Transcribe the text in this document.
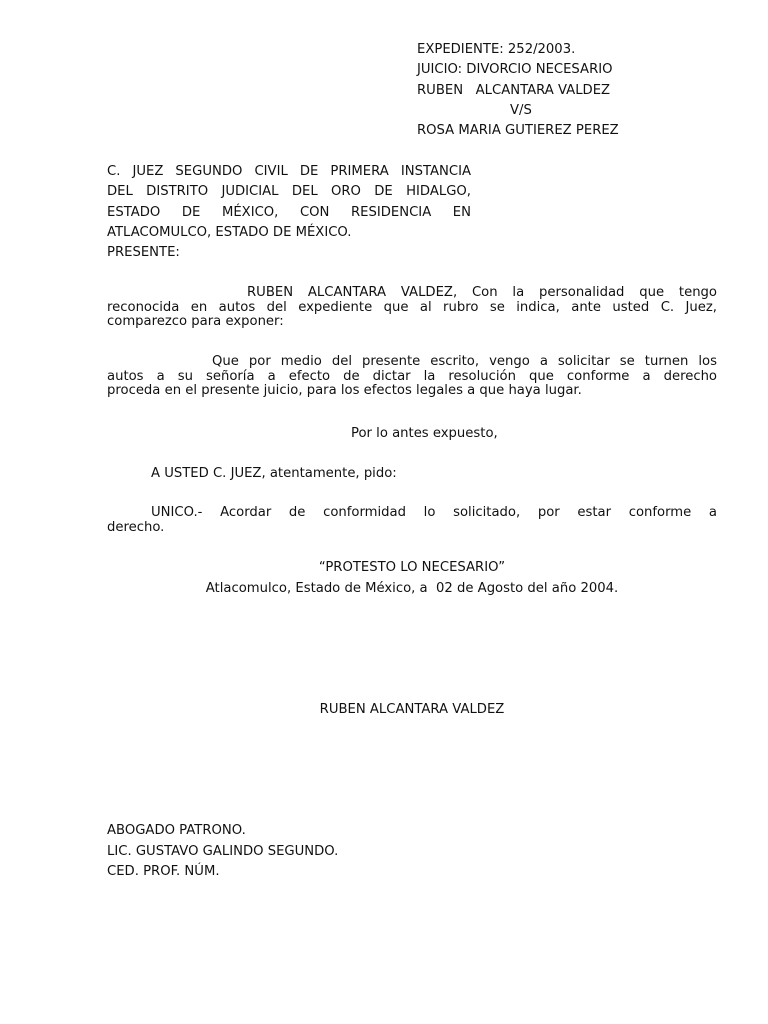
EXPEDIENTE: 252/2003.
JUICIO: DIVORCIO NECESARIO
RUBEN   ALCANTARA VALDEZ
V/S
ROSA MARIA GUTIEREZ PEREZ
C. JUEZ SEGUNDO CIVIL DE PRIMERA INSTANCIA
DEL DISTRITO JUDICIAL DEL ORO DE HIDALGO,
ESTADO DE MÉXICO, CON RESIDENCIA EN
ATLACOMULCO, ESTADO DE MÉXICO.
PRESENTE:
RUBEN ALCANTARA VALDEZ, Con la personalidad que tengo
reconocida en autos del expediente que al rubro se indica, ante usted C. Juez,
comparezco para exponer:
Que por medio del presente escrito, vengo a solicitar se turnen los
autos a su señoría a efecto de dictar la resolución que conforme a derecho
proceda en el presente juicio, para los efectos legales a que haya lugar.
Por lo antes expuesto,
A USTED C. JUEZ, atentamente, pido:
UNICO.- Acordar de conformidad lo solicitado, por estar conforme a
derecho.
“PROTESTO LO NECESARIO”
Atlacomulco, Estado de México, a  02 de Agosto del año 2004.
RUBEN ALCANTARA VALDEZ
ABOGADO PATRONO.
LIC. GUSTAVO GALINDO SEGUNDO.
CED. PROF. NÚM.
